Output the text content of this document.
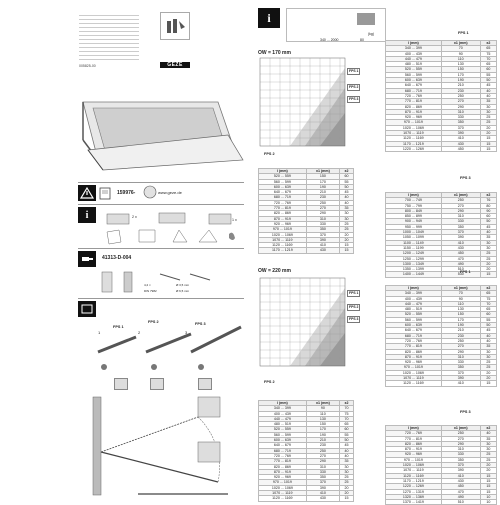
005825-00	GEZE
159976-	www.geze.de
i	2 x
1 x
41313-D-004
4,2 ×
DIN 7982
Ø 3,5 mm
Ø 6,5 mm
FPS 1
FPS 2	FPS 3
1	2	3
i
340 ... 2000	80
(kg)
OW = 170 mm
FPS 1
FPS 2
FPS 3
FPS 1
l (mm)	x1 (mm)	x2
340 ... 399	70	65
400 ... 439	90	75
440 ... 479	110	70
480 ... 519	130	65
520 ... 559	150	60
560 ... 599	170	55
600 ... 639	190	50
640 ... 679	210	45
680 ... 719	230	40
720 ... 769	250	40
770 ... 819	270	35
820 ... 869	290	30
870 ... 919	310	30
920 ... 969	330	25
970 ... 1019	350	25
1020 ... 1069	370	20
1070 ... 1119	390	20
1120 ... 1169	410	15
1170 ... 1219	430	15
1220 ... 1269	450	15
FPS 2
l (mm)	x1 (mm)	x2
520 ... 559	150	60
560 ... 599	170	55
600 ... 639	190	50
640 ... 679	210	45
680 ... 719	230	40
720 ... 769	250	40
770 ... 819	270	35
820 ... 869	290	30
870 ... 919	310	30
920 ... 969	330	25
970 ... 1019	350	25
1020 ... 1069	370	20
1070 ... 1119	390	20
1120 ... 1169	410	15
1170 ... 1219	430	15
FPS 3
l (mm)	x1 (mm)	x2
700 ... 749	250	76
750 ... 799	270	80
800 ... 849	290	90
850 ... 899	310	60
900 ... 949	330	50
950 ... 999	350	45
1000 ... 1049	370	40
1050 ... 1099	390	35
1100 ... 1149	410	30
1150 ... 1199	430	30
1200 ... 1249	450	25
1250 ... 1299	470	25
1300 ... 1349	490	20
1350 ... 1399	510	20
1400 ... 1449	530	15
OW = 220 mm
FPS 1
FPS 2
FPS 3
FPS 1
l (mm)	x1 (mm)	x2
340 ... 399	70	65
400 ... 439	90	75
440 ... 479	110	70
480 ... 519	130	65
520 ... 559	150	60
560 ... 599	170	55
600 ... 639	190	50
640 ... 679	210	45
680 ... 719	230	40
720 ... 769	250	40
770 ... 819	270	35
820 ... 869	290	30
870 ... 919	310	30
920 ... 969	330	25
970 ... 1019	350	25
1020 ... 1069	370	20
1070 ... 1119	390	20
1120 ... 1169	410	15
FPS 2
l (mm)	x1 (mm)	x2
340 ... 399	90	70
400 ... 439	110	75
440 ... 479	130	70
480 ... 519	150	65
520 ... 559	170	60
560 ... 599	190	55
600 ... 639	210	50
640 ... 679	230	45
680 ... 719	250	40
720 ... 769	270	40
770 ... 819	290	35
820 ... 869	310	30
870 ... 919	330	30
920 ... 969	350	25
970 ... 1019	370	25
1020 ... 1069	390	20
1070 ... 1119	410	20
1120 ... 1169	430	15
FPS 3
l (mm)	x1 (mm)	x2
720 ... 769	250	40
770 ... 819	270	35
820 ... 869	290	30
870 ... 919	310	30
920 ... 969	330	25
970 ... 1019	350	25
1020 ... 1069	370	20
1070 ... 1119	390	20
1120 ... 1169	410	15
1170 ... 1219	430	15
1220 ... 1269	450	15
1270 ... 1319	470	15
1320 ... 1369	490	10
1370 ... 1419	510	10
